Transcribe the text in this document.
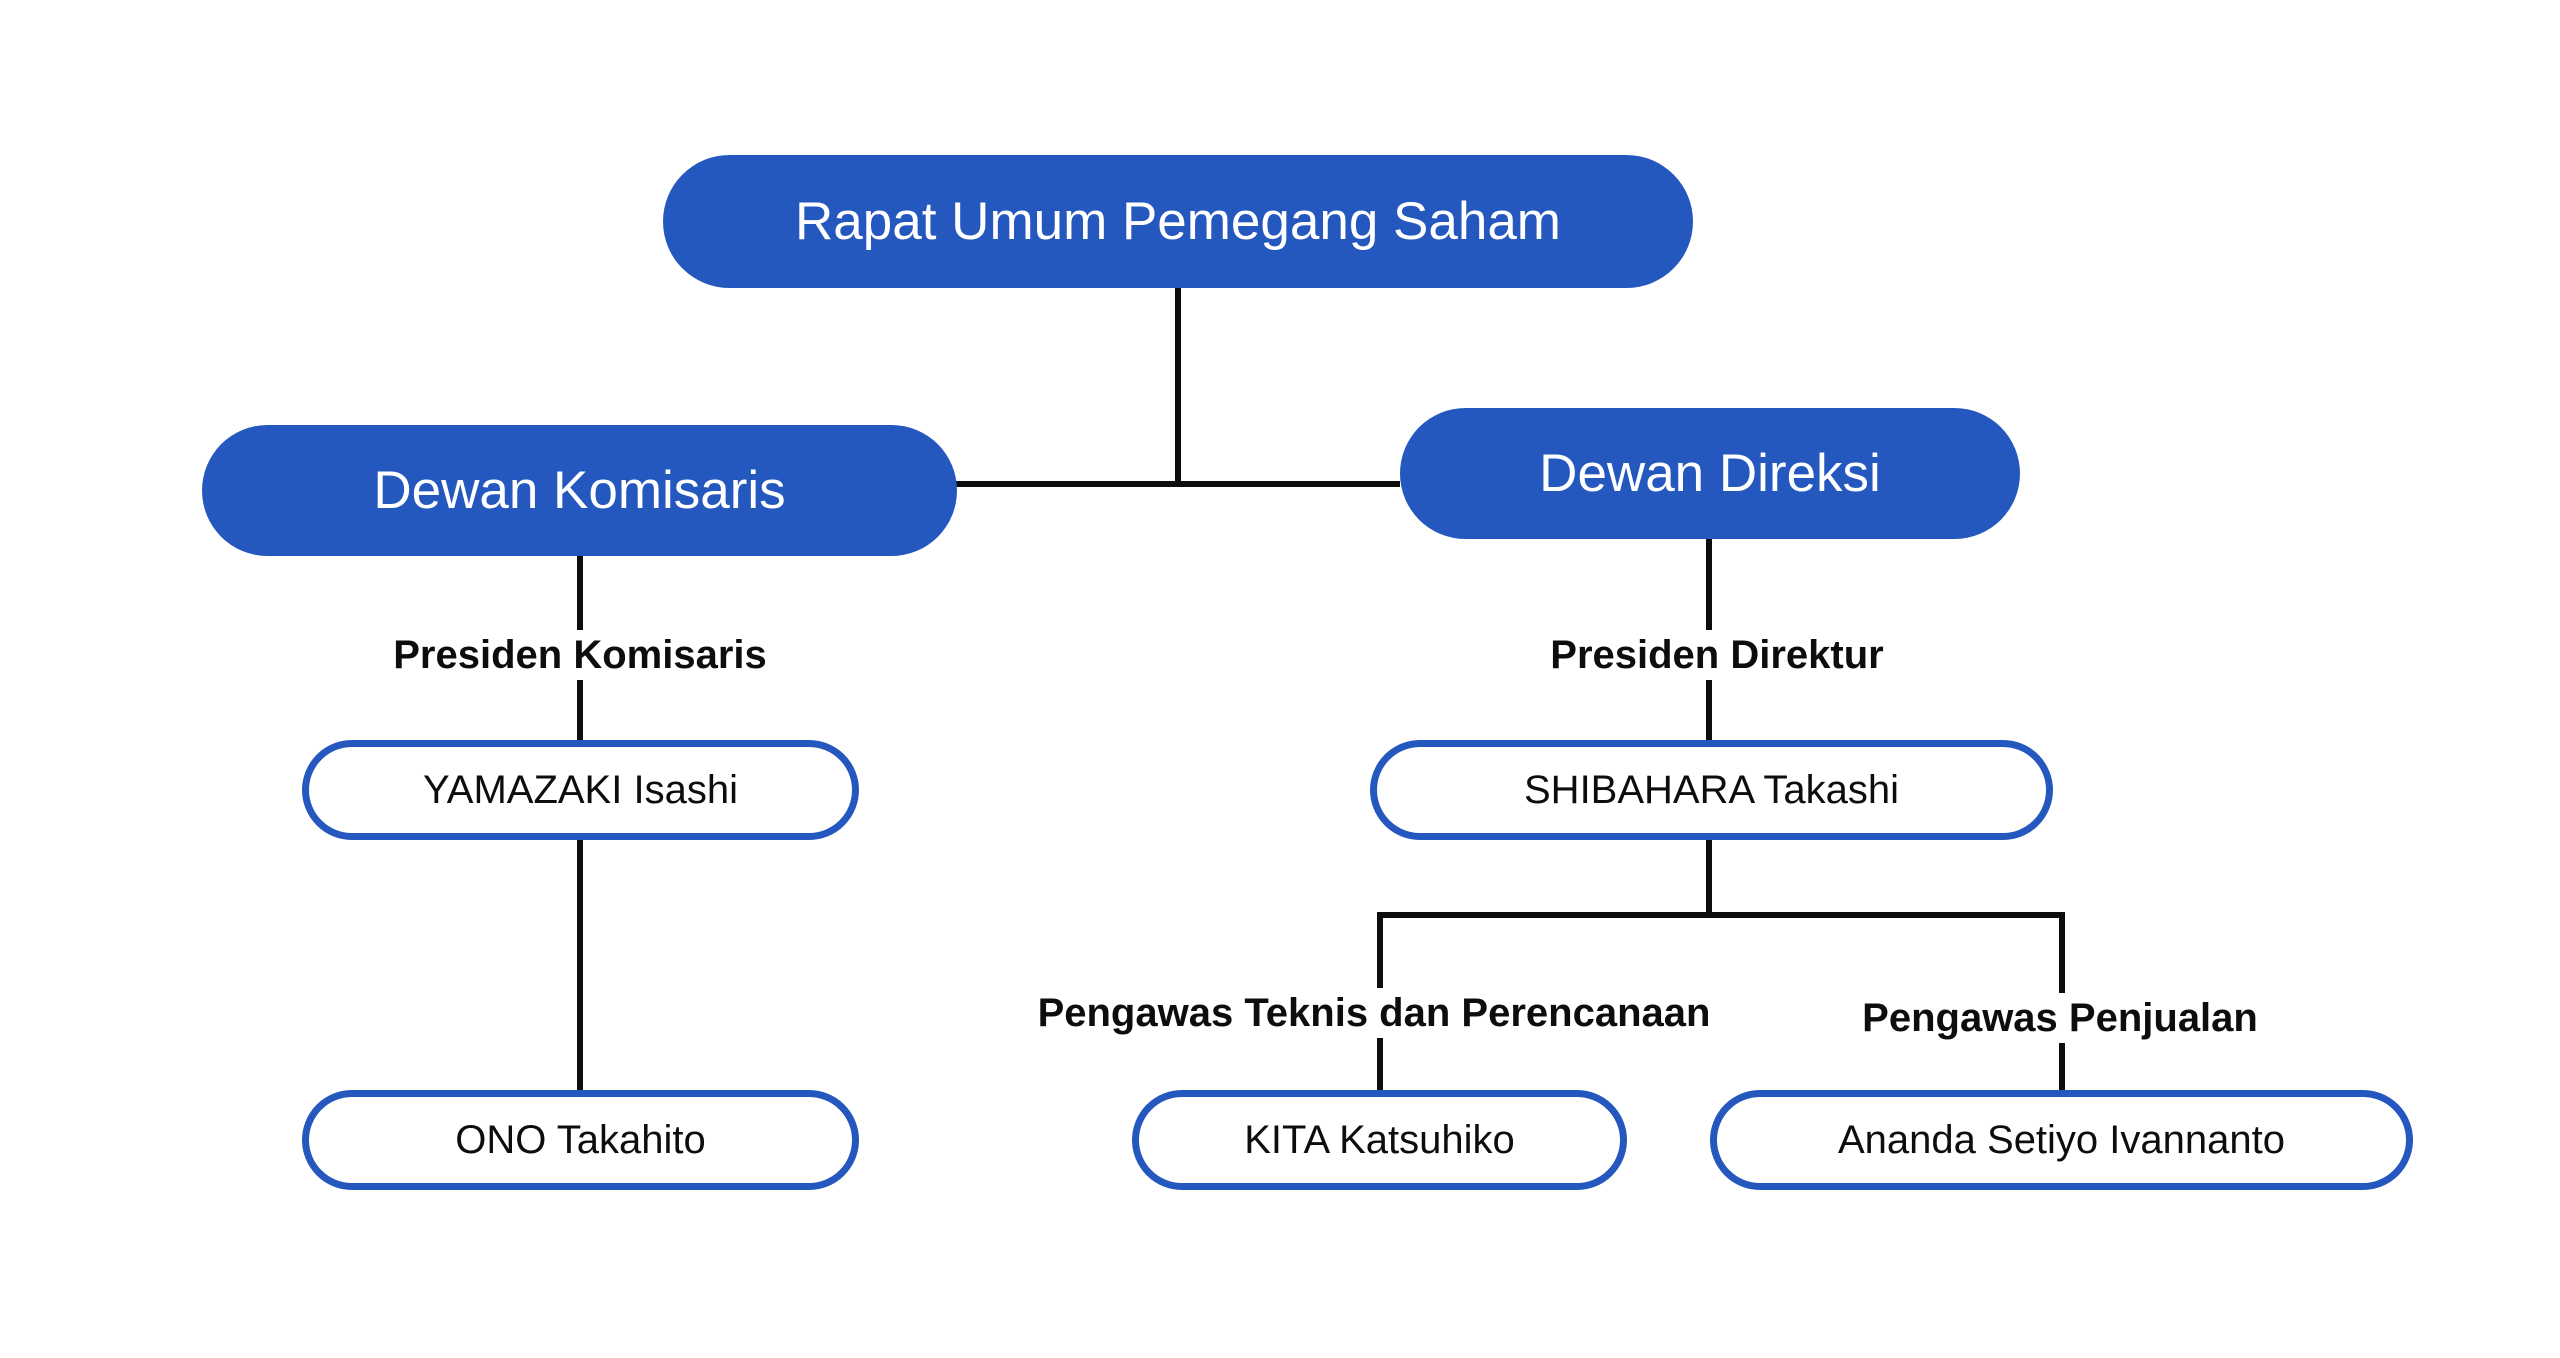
Rapat Umum Pemegang Saham
Dewan Komisaris	Dewan Direksi
Presiden Komisaris	Presiden Direktur
Pengawas Teknis dan Perencanaan	Pengawas Penjualan
YAMAZAKI Isashi
ONO Takahito
SHIBAHARA Takashi
KITA Katsuhiko	Ananda Setiyo Ivannanto
